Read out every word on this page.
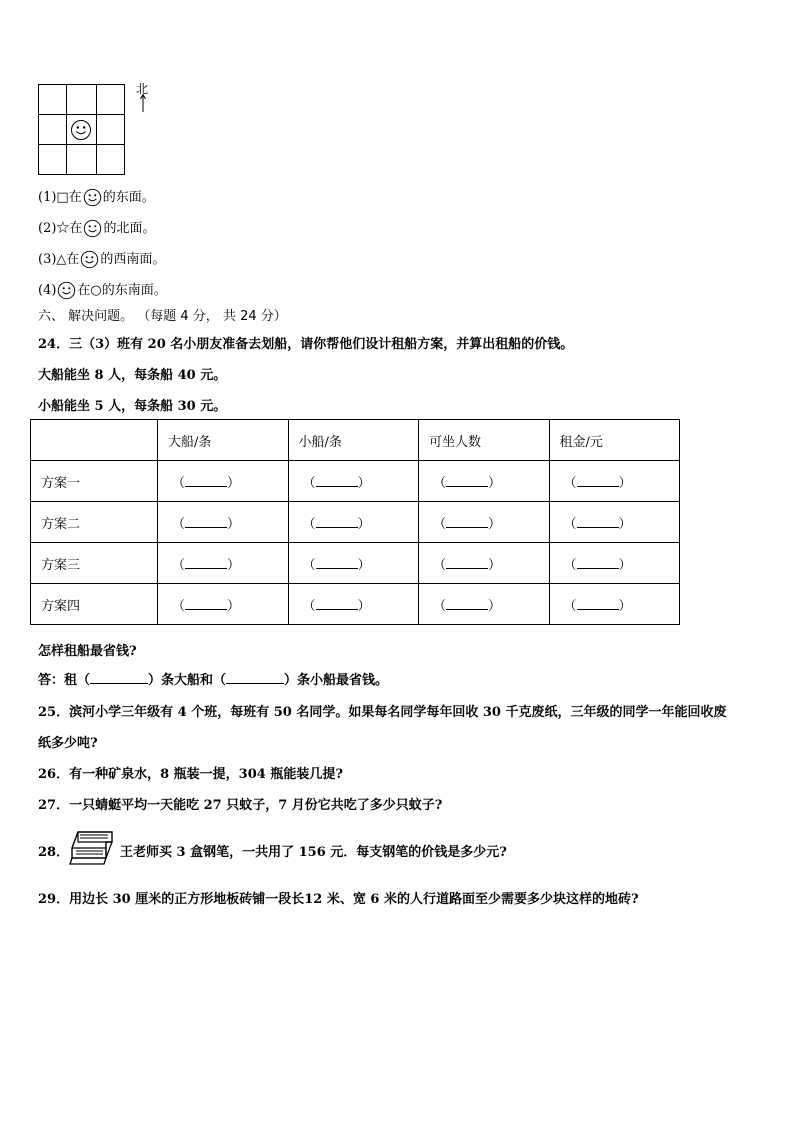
北
(1)□在 的东面。
(2)☆在 的北面。
(3)△在 的西南面。
(4) 在○的东南面。
六、 解决问题。 （每题 4 分， 共 24 分）
24．三（3）班有 20 名小朋友准备去划船，请你帮他们设计租船方案，并算出租船的价钱。
大船能坐 8 人，每条船 40 元。
小船能坐 5 人，每条船 30 元。
	大船/条	小船/条	可坐人数	租金/元
方案一	（ ）	（ ）	（ ）	（ ）
方案二	（ ）	（ ）	（ ）	（ ）
方案三	（ ）	（ ）	（ ）	（ ）
方案四	（ ）	（ ）	（ ）	（ ）
怎样租船最省钱?
答：租（	）条大船和（	）条小船最省钱。
25．滨河小学三年级有 4 个班，每班有 50 名同学。如果每名同学每年回收 30 千克废纸，三年级的同学一年能回收废
纸多少吨?
26．有一种矿泉水，8 瓶装一提，304 瓶能装几提?
27．一只蜻蜓平均一天能吃 27 只蚊子，7 月份它共吃了多少只蚊子?
28．	王老师买 3 盒钢笔，一共用了 156 元．每支钢笔的价钱是多少元?
29．用边长 30 厘米的正方形地板砖铺一段长12 米、宽 6 米的人行道路面至少需要多少块这样的地砖?
